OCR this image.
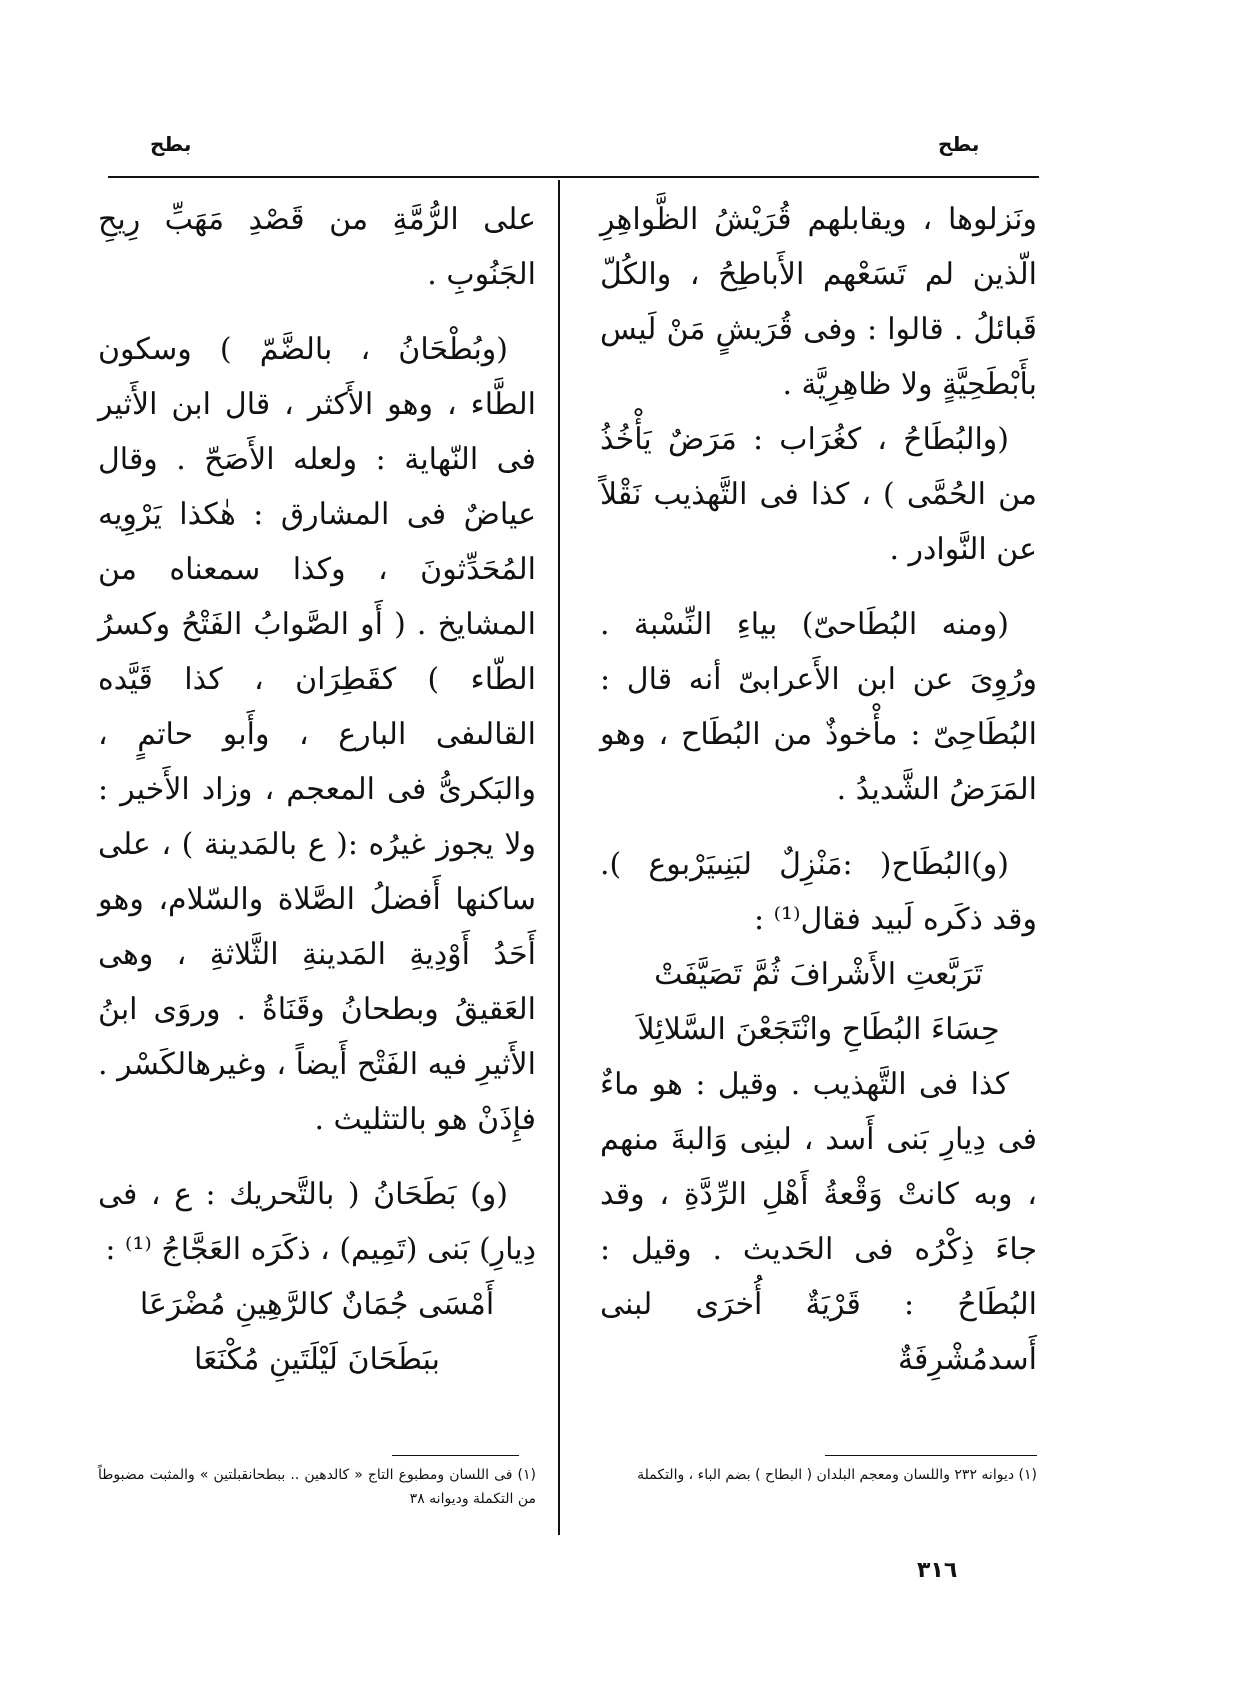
بطح
بطح

ونَزلوها ، ويقابلهم قُرَيْشُ الظَّواهِرِ الّذين لم تَسَعْهم الأَباطِحُ ، والكُلّ قَبائلُ . قالوا : وفى قُرَيشٍ مَنْ لَيس بأَبْطَحِيَّةٍ ولا ظاهِرِيَّة .

(والبُطَاحُ ، كغُرَاب : مَرَضٌ يَأْخُذُ من الحُمَّى ) ، كذا فى التَّهذيب نَقْلاً عن النَّوادر .

(ومنه البُطَاحىّ) بياءِ النِّسْبة . ورُوِىَ عن ابن الأَعرابىّ أنه قال : البُطَاحِىّ : مأْخوذٌ من البُطَاح ، وهو المَرَضُ الشَّديدُ .

(و)البُطَاح( :مَنْزِلٌ لبَنِىيَرْبوع ). وقد ذكَره لَبيد فقال⁽¹⁾ :

تَرَبَّعتِ الأَشْرافَ ثُمَّ تَصَيَّفَتْ

حِسَاءَ البُطَاحِ وانْتَجَعْنَ السَّلائِلاَ

كذا فى التَّهذيب . وقيل : هو ماءٌ فى دِيارِ بَنى أَسد ، لبنِى وَالبةَ منهم ، وبه كانتْ وَقْعةُ أَهْلِ الرِّدَّةِ ، وقد جاءَ ذِكْرُه فى الحَديث . وقيل : البُطَاحُ : قَرْيَةٌ أُخرَى لبنى أَسدمُشْرِفَةٌ

على الرُّمَّةِ من قَصْدِ مَهَبِّ رِيحِ الجَنُوبِ .

(وبُطْحَانُ ، بالضَّمّ ) وسكون الطَّاء ، وهو الأَكثر ، قال ابن الأَثير فى النّهاية : ولعله الأَصَحّ . وقال عياضٌ فى المشارق : هٰكذا يَرْوِيه المُحَدِّثونَ ، وكذا سمعناه من المشايخ . ( أَو الصَّوابُ الفَتْحُ وكسرُ الطّاء ) كقَطِرَان ، كذا قَيَّده القالىفى البارع ، وأَبو حاتمٍ ، والبَكرىُّ فى المعجم ، وزاد الأَخير : ولا يجوز غيرُه :( ع بالمَدينة ) ، على ساكنها أَفضلُ الصَّلاة والسّلام، وهو أَحَدُ أَوْدِيةِ المَدينةِ الثَّلاثةِ ، وهى العَقيقُ وبطحانُ وقَنَاةُ . وروَى ابنُ الأَثيرِ فيه الفَتْح أَيضاً ، وغيرهالكَسْر . فإِذَنْ هو بالتثليث .

(و) بَطَحَانُ ( بالتَّحريك : ع ، فى دِيارِ) بَنى (تَمِيم) ، ذكَرَه العَجَّاجُ ⁽¹⁾ :

أَمْسَى جُمَانٌ كالرَّهِينِ مُضْرَعَا

ببَطَحَانَ لَيْلَتَينِ مُكْنَعَا

(١) ديوانه ٢٣٢ واللسان ومعجم البلدان ( البطاح ) بضم الباء ، والتكملة
(١) فى اللسان ومطبوع التاج « كالدهين .. ببطحانقبلتين » والمثبت مضبوطاً من التكملة وديوانه ٣٨
٣١٦
